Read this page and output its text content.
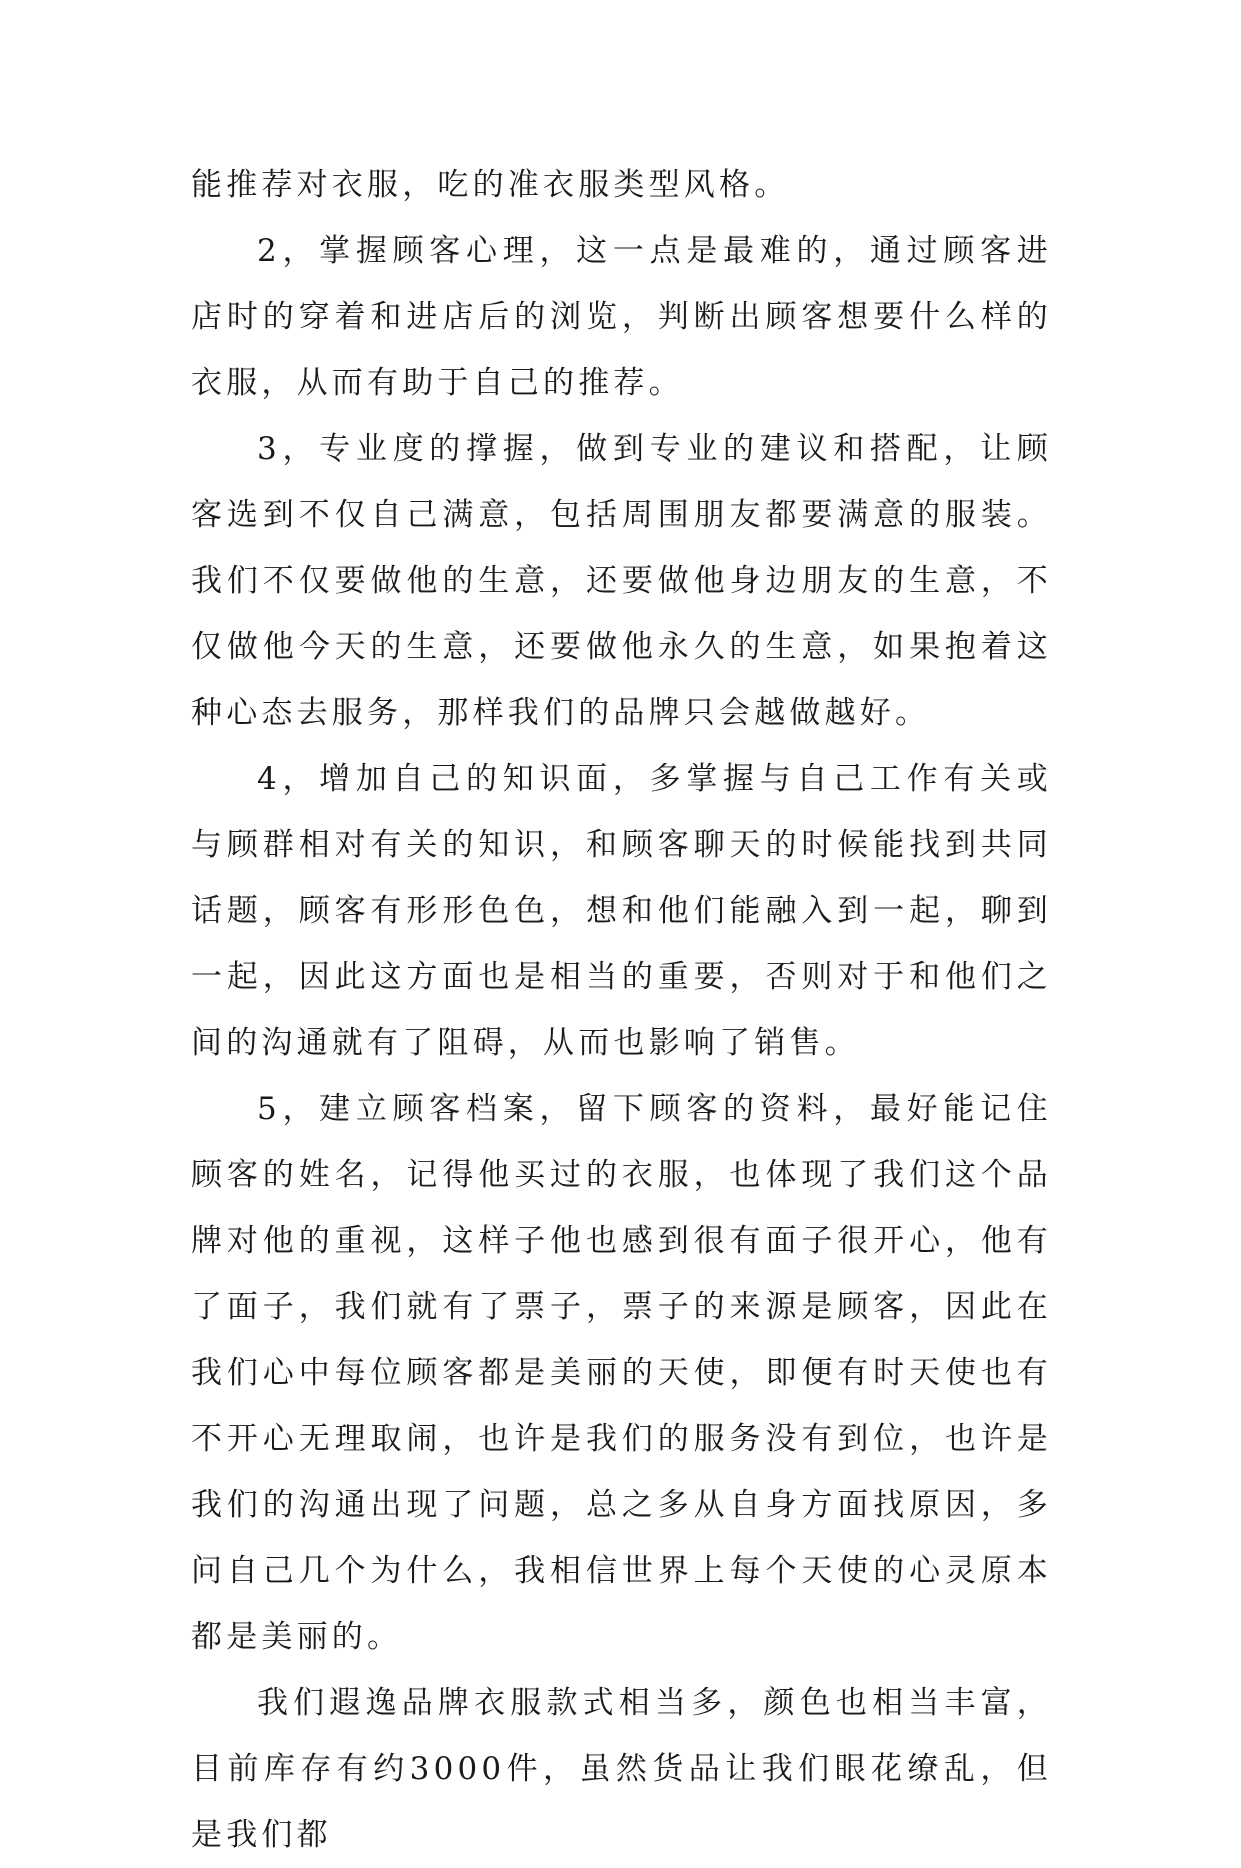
能推荐对衣服，吃的准衣服类型风格。

2，掌握顾客心理，这一点是最难的，通过顾客进店时的穿着和进店后的浏览，判断出顾客想要什么样的衣服，从而有助于自己的推荐。

3，专业度的撑握，做到专业的建议和搭配，让顾客选到不仅自己满意，包括周围朋友都要满意的服装。我们不仅要做他的生意，还要做他身边朋友的生意，不仅做他今天的生意，还要做他永久的生意，如果抱着这种心态去服务，那样我们的品牌只会越做越好。

4，增加自己的知识面，多掌握与自己工作有关或与顾群相对有关的知识，和顾客聊天的时候能找到共同话题，顾客有形形色色，想和他们能融入到一起，聊到一起，因此这方面也是相当的重要，否则对于和他们之间的沟通就有了阻碍，从而也影响了销售。

5，建立顾客档案，留下顾客的资料，最好能记住顾客的姓名，记得他买过的衣服，也体现了我们这个品牌对他的重视，这样子他也感到很有面子很开心，他有了面子，我们就有了票子，票子的来源是顾客，因此在我们心中每位顾客都是美丽的天使，即便有时天使也有不开心无理取闹，也许是我们的服务没有到位，也许是我们的沟通出现了问题，总之多从自身方面找原因，多问自己几个为什么，我相信世界上每个天使的心灵原本都是美丽的。

我们遐逸品牌衣服款式相当多，颜色也相当丰富，目前库存有约3000件，虽然货品让我们眼花缭乱，但是我们都
